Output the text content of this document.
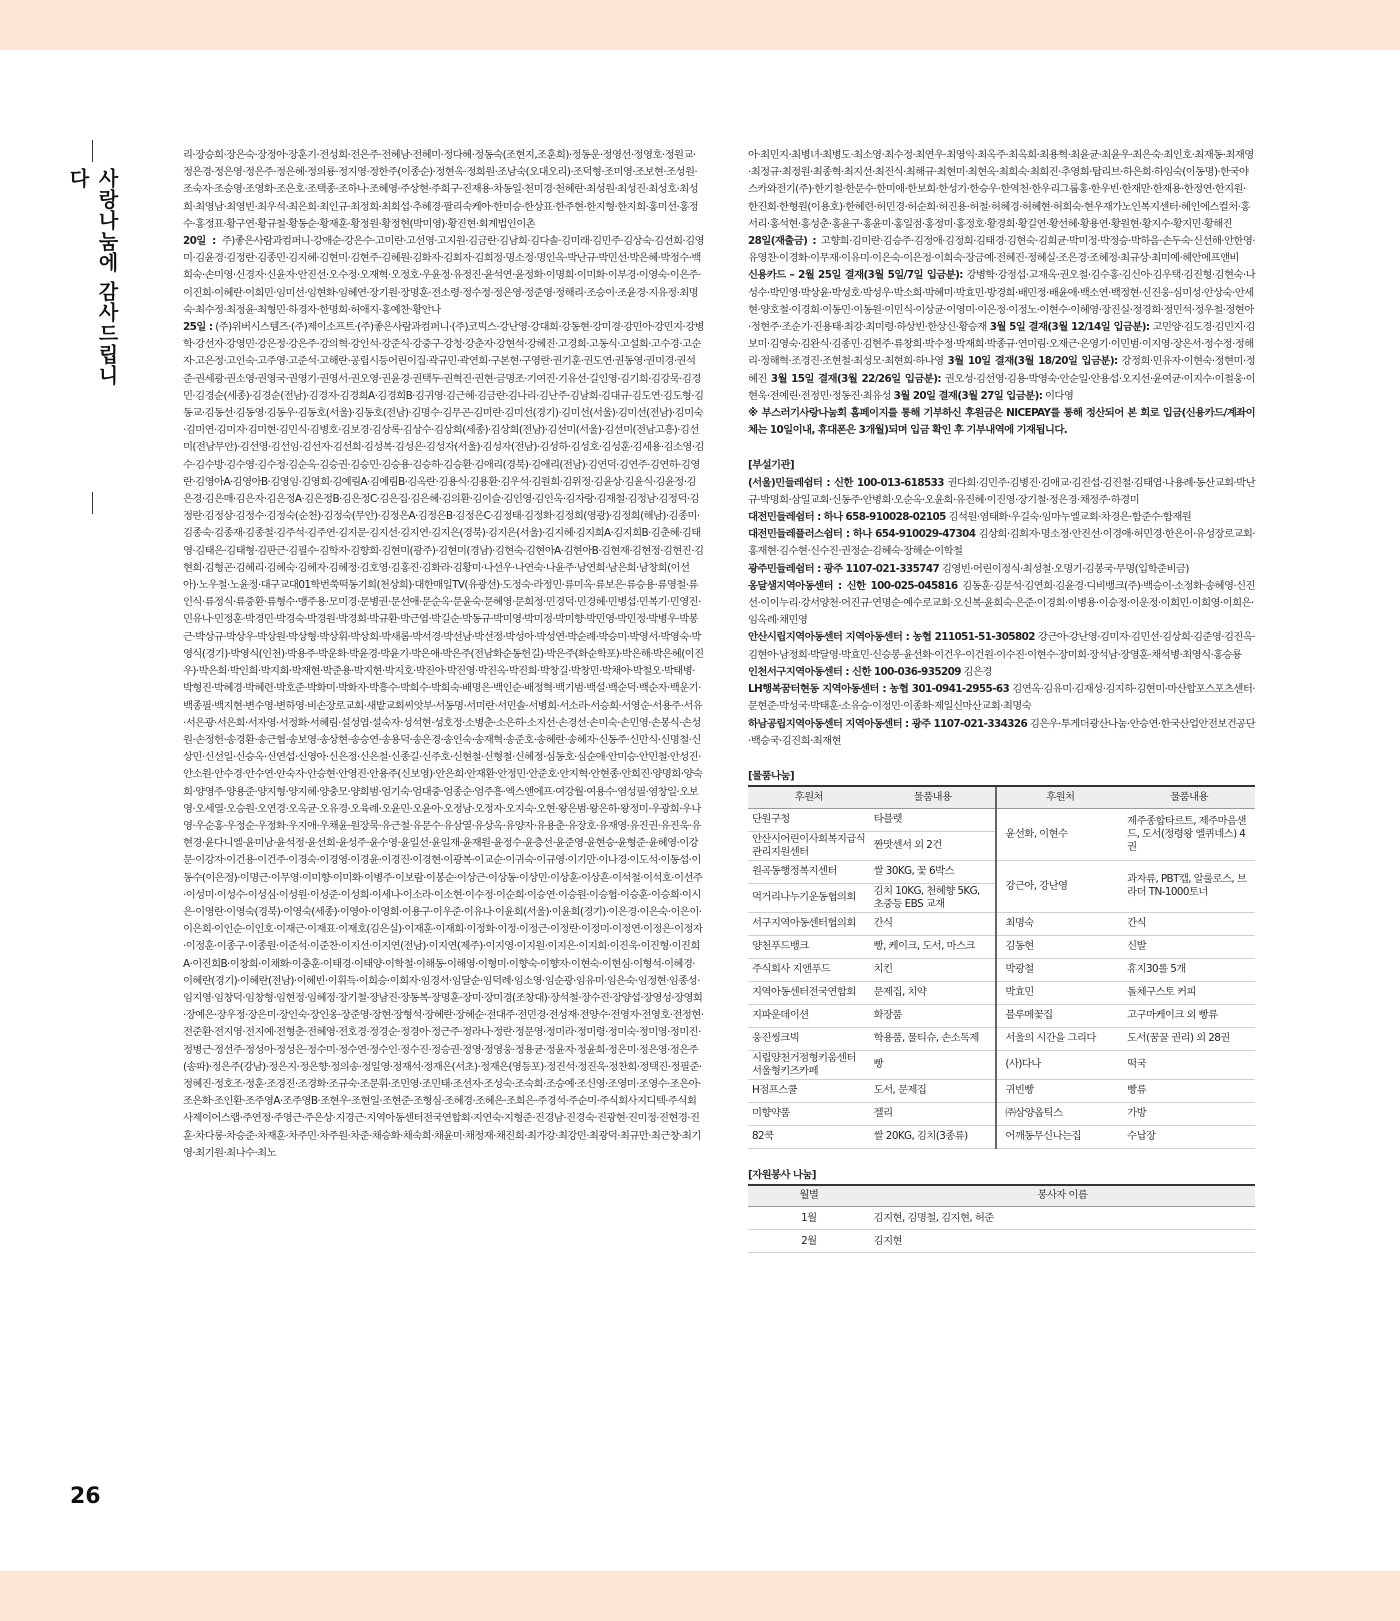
사랑나눔에 감사드립니다
26

리·장승희·장은숙·장정아·장훈기·전성희·전은주·전혜남·전혜미·정다혜·정동숙(조현지,조훈희)·정동운·정영선·정영호·정원교·정은경·정은영·정은주·정은혜·정의룡·정지영·정한주(이종순)·정현옥·정희원·조남숙(오대오리)·조덕형·조미영·조보현·조성원·조숙자·조승영·조영화·조은호·조택종·조하나·조혜영·주상현·주희구·진재용·차동일·천미경·천혜란·최성원·최성진·최성호·최성희·최영남·최영빈·최우석·최은희·최인규·최정희·최희섭·추혜경·팔리숙케아·한미승·한상표·한주현·한지형·한지희·홍미선·홍정수·홍정표·황구연·황규철·황동순·황재훈·황정원·황정현(박미영)·황진현·회계법인이촌

20일 : 주)좋은사람과컴퍼니·강애순·강은수·고미란·고선영·고지원·김금란·김남희·김다솔·김미래·김민주·김상숙·김선희·김영미·김윤경·김정란·김종민·김지혜·김현미·김현주·김혜원·김화자·김회자·김희정·명소정·명인옥·박난규·박민선·박은혜·박정수·백희숙·손미영·신경자·신윤자·안진선·오수정·오재혁·오정호·우윤정·유정진·윤석연·윤정화·이명희·이미화·이부경·이영숙·이은주·이진희·이혜란·이희민·임미선·임현화·임혜연·장기원·장명훈·전소령·정수정·정은영·정준영·정해리·조승이·조윤경·지유정·최명숙·최수정·최정윤·최형민·하경자·한명희·허애지·홍예찬·황안나

25일 : (주)위버시스템즈·(주)제이소프트·(주)좋은사람과컴퍼니·(주)코빅스·강난영·강대희·강동현·강미경·강민아·강민지·강병학·강선자·강영민·강은정·강은주·강의혁·강인석·강준식·강중구·강청·강춘자·강현석·강혜진·고경희·고동식·고설희·고수경·고순자·고은정·고인숙·고주영·고준석·고해란·공립시등어린이집·곽규민·곽연희·구본현·구영란·권기훈·권도연·권동영·권미경·권석준·권세광·권소영·권영국·권영기·권영서·권오영·권윤경·권택두·권혁진·권현·금명조·기여진·기유선·길인영·김기희·김강묵·김경민·김경순(세종)·김경순(전남)·김경자·김경희A·김경희B·김귀영·김근혜·김금란·김나리·김난주·김남희·김대규·김도연·김도형·김동교·김동선·김동영·김동우·김동호(서울)·김동호(전남)·김명수·김무곤·김미란·김미선(경기)·김미선(서울)·김미선(전남)·김미숙·김미연·김미자·김미현·김민식·김병호·김보경·김상록·김상수·김상희(세종)·김상희(전남)·김선미(서울)·김선미(전남고흥)·김선미(전남무안)·김선영·김선임·김선자·김선희·김성복·김성은·김성자(서울)·김성자(전남)·김성하·김성호·김성훈·김세용·김소영·김수·김수방·김수영·김수정·김순옥·김승권·김승민·김승용·김승하·김승환·김애리(경북)·김애리(전남)·김연덕·김연주·김연하·김영란·김영아A·김영아B·김영임·김영희·김예림A·김예림B·김옥란·김용식·김용환·김우석·김원희·김위정·김윤상·김윤식·김윤정·김은경·김은매·김은자·김은정A·김은정B·김은정C·김은집·김은혜·김의환·김이슬·김인영·김인옥·김자랑·김재철·김정남·김정덕·김정란·김정삼·김정수·김정숙(순천)·김정숙(무안)·김정은A·김정은B·김정은C·김정태·김정화·김정희(영광)·김정희(해남)·김종미·김종숙·김종재·김종철·김주석·김주연·김지문·김지선·김지연·김지은(경북)·김지은(서울)·김지혜·김지희A·김지희B·김춘혜·김태영·김태은·김태형·김판근·김필수·김학자·김향희·김현미(광주)·김현미(경남)·김현숙·김현아A·김현아B·김현재·김현정·김현진·김현희·김형곤·김혜리·김혜숙·김혜자·김혜정·김호영·김홍진·김화라·김황미·나선우·나연숙·나윤주·남연희·남은희·남창희(이선아)·노우철·노윤정·대구교대01학번쑥떡동기회(천상희)·대한매일TV(유광선)·도정숙·라정민·류미옥·류보은·류승용·류영철·류인식·류정식·류중환·류형수·맹주용·모미경·문병권·문선애·문순옥·문윤숙·문혜영·문희정·민경덕·민경혜·민병섭·민복기·민영진·민유나·민정훈·박경민·박경숙·박경원·박경희·박규환·박근엽·박길순·박동규·박미영·박미정·박미향·박민영·박민정·박병우·박봉근·박상규·박상우·박상원·박상형·박상휘·박상희·박새롬·박서경·박선남·박선정·박성아·박성연·박순례·박승미·박영서·박영숙·박영식(경기)·박영식(인천)·박용주·박운화·박윤경·박윤기·박은애·박은주(전남화순동헌길)·박은주(화순학포)·박은해·박은혜(이진우)·박은희·박인희·박지희·박재현·박준용·박지현·박지호·박진아·박진영·박진옥·박진희·박창길·박창민·박채아·박철오·박태병·박형진·박혜경·박혜련·박호준·박화미·박화자·박흥수·박희수·박희숙·배명은·백인순·배정혁·백기범·백설·백순덕·백순자·백운기·백종필·백지현·변수영·변하영·비손장로교회·새밭교회씨앗부·서동명·서미란·서민솔·서병희·서소라·서승희·서영순·서용주·서유·서은광·서은희·서자영·서정화·서혜림·설성엽·설숙자·성석현·성호정·소병춘·소은하·소지선·손경선·손미숙·손민영·손봉식·손성원·손정헌·송경환·송근협·송보영·송상현·송승연·송용덕·송은경·송인숙·송재혁·송준호·송혜란·송혜자·신동주·신만식·신명철·신상민·신선일·신승옥·신연섭·신영아·신은정·신은철·신종길·신주호·신현철·신형철·신혜정·심동호·심순애·안미승·안민철·안성진·안소원·안수경·안수연·안숙자·안승현·안영진·안용주(신보영)·안은희·안재환·안정민·안준호·안지혁·안현종·안희진·양명희·양숙희·양영주·양용준·양지형·양지혜·양충모·양희범·엄기숙·엄대중·엄종순·엄주흥·엑스앤에프·여강월·여용수·염성필·염창일·오보영·오세열·오승원·오연경·오옥균·오유경·오육례·오윤민·오윤아·오정남·오정자·오지숙·오현·왕은범·왕은하·왕정미·우광희·우나영·우순홍·우정순·우정화·우지애·우채윤·원장묵·유근철·유문수·유삼열·유상옥·유양자·유용춘·유장호·유재영·유진권·유진욱·유현경·윤다니엘·윤미남·윤석정·윤선희·윤성주·윤수영·윤일선·윤일재·윤재원·윤정수·윤층선·윤준영·윤현승·윤형준·윤혜영·이강문·이강자·이건용·이건주·이경숙·이경영·이경윤·이경진·이경현·이광복·이교순·이귀숙·이규영·이기만·이나경·이도석·이동섭·이동수(이은정)·이명근·이무영·이미향·이미화·이병주·이보람·이봉순·이상근·이상동·이상민·이상훈·이상흔·이석철·이석호·이선주·이성미·이성수·이성심·이성원·이성준·이성희·이세나·이소라·이소현·이수정·이순희·이승연·이승원·이승협·이승훈·이승희·이시은·이영란·이영숙(경북)·이영숙(세종)·이영아·이영희·이용구·이우준·이유나·이윤희(서울)·이윤희(경기)·이은경·이은숙·이은이·이은희·이인순·이인호·이재근·이재표·이재호(김은실)·이재훈·이재희·이정화·이정·이정근·이정란·이정미·이정연·이정은·이정자·이정훈·이종구·이종원·이준석·이준찬·이지선·이지연(전남)·이지연(제주)·이지영·이지원·이지은·이지희·이진욱·이진형·이진희A·이진희B·이창희·이채화·이충훈·이태경·이태양·이학철·이해동·이해영·이형미·이향숙·이향자·이현숙·이현심·이형석·이혜경·이혜란(경기)·이혜란(전남)·이혜빈·이휘득·이희승·이희자·임경서·임달순·임덕례·임소영·임순광·임유미·임은숙·임정현·임종성·임지영·임창덕·임창형·임현정·임혜정·장기철·장남진·장동복·장명훈·장미·장미경(조창대)·장석철·장수진·장양섭·장영성·장영희·장예은·장우정·장은미·장인숙·장인옹·장준영·장현·장형석·장혜란·장혜순·전대주·전민경·전성재·전양수·전영자·전영호·전정현·전준환·전지영·전지예·전형춘·전혜영·전호경·정경순·정경아·정근주·정라나·정란·정문영·정미라·정미령·정미숙·정미영·정미진·정병근·정선주·정성아·정성은·정수미·정수연·정수인·정수진·정승권·정영·정영웅·정용균·정윤자·정윤희·정은미·정은영·정은주(송파)·정은주(강남)·정은지·정은향·정의송·정일영·정재석·정재은(서초)·정재은(영등포)·정진석·정진욱·정찬희·정택진·정필준·정혜진·정호조·정훈·조경진·조경화·조규숙·조문휘·조민영·조민태·조선자·조성숙·조숙희·조승예·조신영·조영미·조영수·조은아·조은화·조인환·조주영A·조주영B·조현우·조현일·조현준·조형심·조혜경·조혜은·조희은·주경석·주순미·주식회사지디텍·주식회사제이어스랩·주연정·주영근·주은상·지경근·지역아동센터전국연합회·지연숙·지형준·진경남·진경숙·진광현·진미정·진현경·진훈·차다롱·차승준·차재훈·차주민·차주원·차준·채승화·채숙희·채윤미·채정재·채진희·최가강·최강민·최광덕·최규만·최근창·최기영·최기원·최나수·최노

아·최민지·최병녀·최병도·최소영·최수정·최연우·최영익·최옥주·최옥희·최용혁·최윤균·최윤우·최은숙·최인호·최재동·최재영·최정규·최정원·최종혁·최지선·최진식·최해규·최현미·최현옥·최희숙·최희진·추영희·탑리브·하은희·하임숙(이동명)·한국야스카와전기(주)·한기철·한문수·한미애·한보희·한성기·한승우·한역천·한우리그룹홍·한우빈·한재만·한재용·한정연·한지원·한진희·한형원(이용호)·한혜련·허민경·허순희·허진용·허철·허혜경·허혜현·허희숙·현우재가노인복지센터·혜인에스컬처·홍서리·홍석현·홍성춘·홍윤구·홍윤미·홍일점·홍정미·홍정호·황경희·황길연·황선혜·황용연·황원현·황지수·황지민·황해진

28일(재출금) : 고향희·김미란·김승주·김정애·김정희·김태경·김현숙·김희균·박미정·박정승·박하음·손두숙·신선해·안한영·유영찬·이경화·이무재·이유미·이은숙·이은정·이희숙·장금예·전혜진·정혜실·조은경·조혜정·최규상·최미예·헤안에프앤비

신용카드 – 2월 25일 결재(3월 5일/7일 입금분): 강병학·강정섭·고재옥·권오철·김수홍·김신아·김우택·김진형·김현숙·나성수·박민영·박상윤·박성호·박성우·박소희·박혜미·박효민·방경희·배민정·배윤애·백소연·백정현·신진웅·심미성·안상숙·안세현·양호철·이경희·이동민·이동원·이민식·이상균·이영미·이은정·이정노·이현수·이혜영·장진실·정경희·정민석·정우철·정현아·정현주·조순기·진용태·최강·최미령·하상빈·한상신·황승재 3월 5일 결재(3월 12/14일 입금분): 고민양·김도경·김민지·김보미·김영숙·김완식·김종민·김현주·류창희·박수정·박재희·박종규·연미림·오재근·은영기·이민범·이지영·장은서·정수정·정해리·정해혁·조경진·조현철·최성모·최현희·하나영 3월 10일 결재(3월 18/20일 입금분): 강정희·민유자·이현숙·정현미·정혜진 3월 15일 결재(3월 22/26일 입금분): 권오성·김선영·김용·박영숙·안순일·안용섭·오지선·윤여균·이지수·이철웅·이현욱·전예린·전정민·정동진·최유성 3월 20일 결재(3월 27일 입금분): 이다영

※ 부스러기사랑나눔회 홈페이지를 통해 기부하신 후원금은 NICEPAY를 통해 정산되어 본 회로 입금(신용카드/계좌이체는 10일이내, 휴대폰은 3개월)되며 입금 확인 후 기부내역에 기재됩니다.

[부설기관]

(서울)민들레쉼터 : 신한 100-013-618533 권다희·김민주·김병진·김애교·김진섭·김진철·김태엽·나용례·동산교회·박난규·박명희·삼일교회·신동주·안병희·오순옥·오윤희·유진혜·이진영·장기철·정은경·채정주·하경미

대전민들레쉼터 : 하나 658-910028-02105 김석원·염태화·우길숙·임마누엘교회·차경은·함준수·함재원

대전민들레플러스쉼터 : 하나 654-910029-47304 김상희·김회자·명소정·안진선·이경애·허민경·한은이·유성장로교회·홍재현·김수현·신수진·권정순·김혜숙·장해순·이학철

광주민들레쉼터 : 광주 1107-021-335747 김영빈·어린이정식·최성철·오명기·김봉국·무명(입학준비금)

옹달샘지역아동센터 : 신한 100-025-045816 김동훈·김문석·김연희·김윤경·디비뱅크(주)·백승이·소정화·송혜영·신진선·이이누리·강서양천·어진규·연명순·예수로교회·오신복·윤희숙·은준·이경희·이병용·이승정·이운정·이희민·이희영·이희은·임옥례·채민영

안산시립지역아동센터 지역아동센터 : 농협 211051-51-305802 강근아·강난영·김미자·김민선·김상희·김준영·김진옥·김현아·남정희·박달영·박효민·신승봉·윤선화·이건우·이건원·이수진·이현수·장미희·장석남·장영훈·채석병·최영식·홍승룡

인천서구지역아동센터 : 신한 100-036-935209 김은경

LH행복꿈터현동 지역아동센터 : 농협 301-0941-2955-63 김연옥·김유미·김재성·김지하·김현미·마산합포스포츠센터·문현준·박성국·박태훈·소유승·이정민·이종화·제일신마산교회·최명숙

하남공립지역아동센터 지역아동센터 : 광주 1107-021-334326 김은우·투게더광산나눔·안승연·한국산업안전보건공단·백승국·김진희·최재현

[물품나눔]
후원처	물품내용	후원처	물품내용
단원구청	타블렛	윤선화, 이현수	제주종합타르트, 제주마음샌드, 도서(정령왕 엘퀴네스) 4권
안산시어린이사회복지급식관리지원센터	짠맛센서 외 2건		
원곡동행정복지센터	쌀 30KG, 꽃 6박스	강근아, 강난영	과자류, PBT캡, 알룰로스, 브라더 TN-1000토너
먹거리나누기운동협의회	김치 10KG, 천혜향 5KG, 초중등 EBS 교재		
서구지역아동센터협의회	간식	최명숙	간식
양천푸드뱅크	빵, 케이크, 도서, 마스크	김동현	신발
주식회사 지앤푸드	치킨	박광철	휴지30롤 5개
지역아동센터전국연합회	문제집, 치약	박효민	돌체구스토 커피
지파운데이션	화장품	블루메꽃집	고구마케이크 외 빵류
웅진씽크빅	학용품, 물티슈, 손소독제	서울의 시간을 그리다	도서(꿈꿀 권리) 외 28권
시립양천거점형키움센터 서울형키즈카페	빵	(사)다나	떡국
H점프스쿨	도서, 문제집	귀빈빵	빵류
미향약품	젤리	㈜삼양옵틱스	가방
82쿡	쌀 20KG, 김치(3종류)	어깨동무신나는집	수납장
[자원봉사 나눔]
월별	봉사자 이름
1월	김지현, 김명철, 김지현, 허준
2월	김지현
